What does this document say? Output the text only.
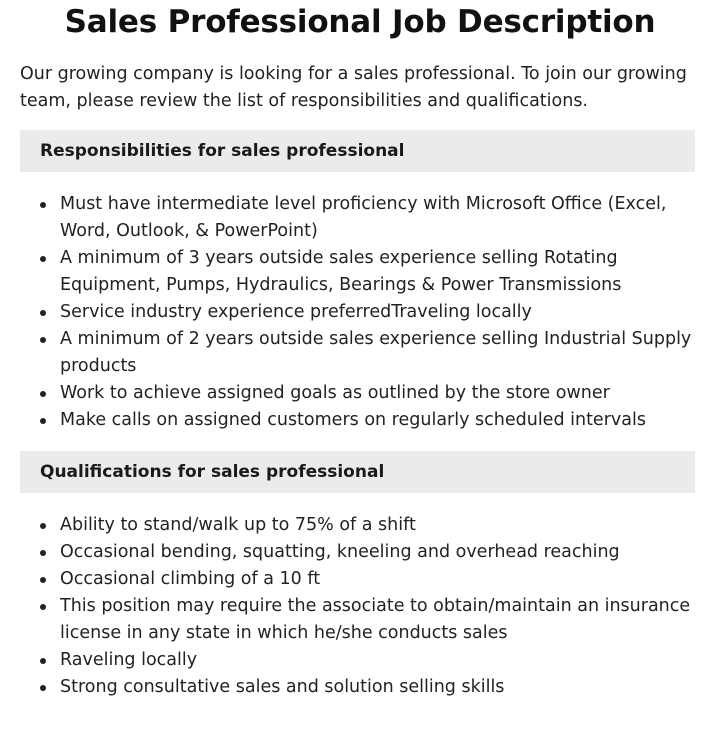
Sales Professional Job Description

Our growing company is looking for a sales professional. To join our growing team, please review the list of responsibilities and qualifications.

Responsibilities for sales professional
Must have intermediate level proficiency with Microsoft Office (Excel, Word, Outlook, & PowerPoint)
A minimum of 3 years outside sales experience selling Rotating Equipment, Pumps, Hydraulics, Bearings & Power Transmissions
Service industry experience preferredTraveling locally
A minimum of 2 years outside sales experience selling Industrial Supply products
Work to achieve assigned goals as outlined by the store owner
Make calls on assigned customers on regularly scheduled intervals
Qualifications for sales professional
Ability to stand/walk up to 75% of a shift
Occasional bending, squatting, kneeling and overhead reaching
Occasional climbing of a 10 ft
This position may require the associate to obtain/maintain an insurance license in any state in which he/she conducts sales
Raveling locally
Strong consultative sales and solution selling skills
